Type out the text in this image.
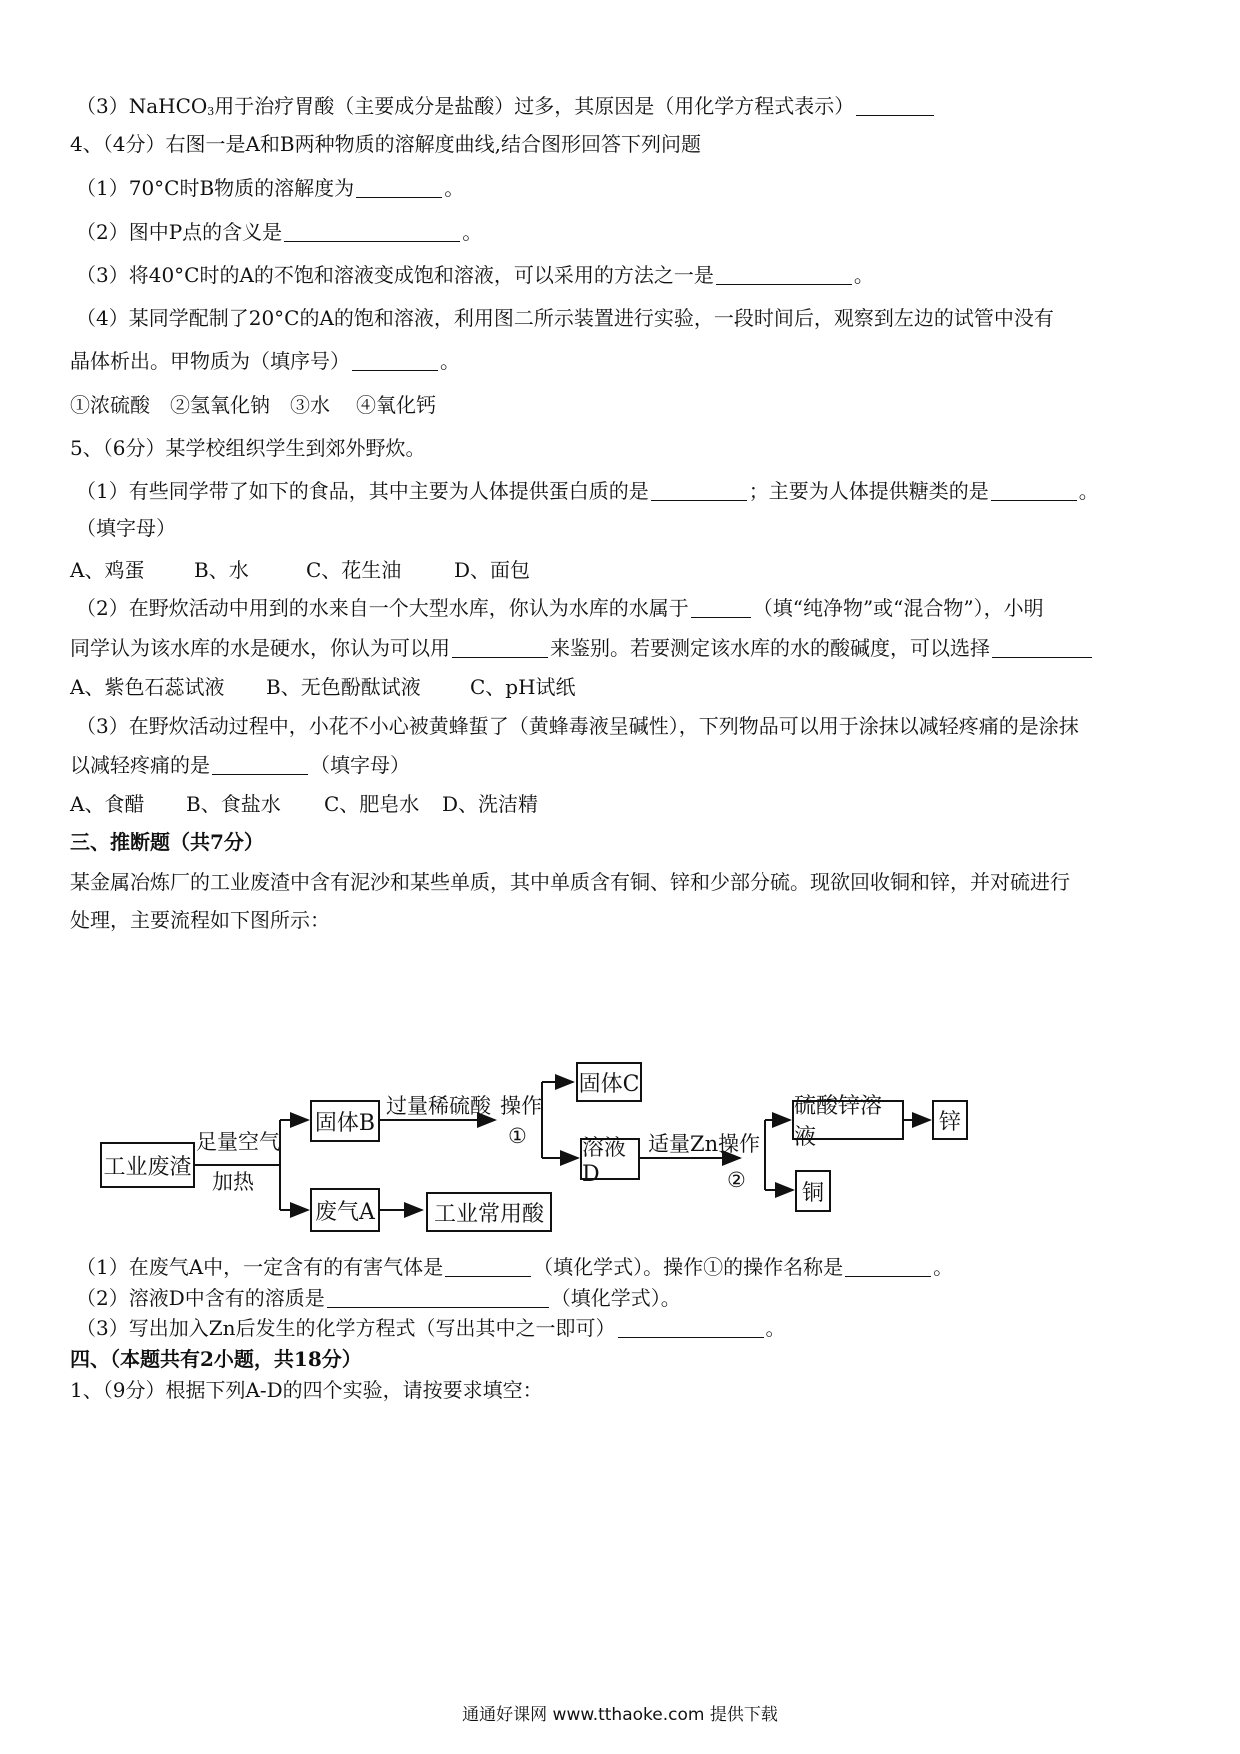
（3）NaHCO3用于治疗胃酸（主要成分是盐酸）过多，其原因是（用化学方程式表示）
4、（4分）右图一是A和B两种物质的溶解度曲线,结合图形回答下列问题
（1）70°C时B物质的溶解度为	。
（2）图中P点的含义是	。
（3）将40°C时的A的不饱和溶液变成饱和溶液，可以采用的方法之一是	。
（4）某同学配制了20°C的A的饱和溶液，利用图二所示装置进行实验，一段时间后，观察到左边的试管中没有
晶体析出。甲物质为（填序号）	。
①浓硫酸 ②氢氧化钠 ③水 ④氧化钙
5、（6分）某学校组织学生到郊外野炊。
（1）有些同学带了如下的食品，其中主要为人体提供蛋白质的是	；主要为人体提供糖类的是	。
（填字母）
A、鸡蛋 B、水	C、花生油	D、面包
（2）在野炊活动中用到的水来自一个大型水库，你认为水库的水属于	（填“纯净物”或“混合物”），小明
同学认为该水库的水是硬水，你认为可以用	来鉴别。若要测定该水库的水的酸碱度，可以选择
A、紫色石蕊试液 B、无色酚酞试液 C、pH试纸
（3）在野炊活动过程中，小花不小心被黄蜂蜇了（黄蜂毒液呈碱性），下列物品可以用于涂抹以减轻疼痛的是涂抹
以减轻疼痛的是	（填字母）
A、食醋 B、食盐水 C、肥皂水 D、洗洁精
三、推断题（共7分）
某金属冶炼厂的工业废渣中含有泥沙和某些单质，其中单质含有铜、锌和少部分硫。现欲回收铜和锌，并对硫进行
处理，主要流程如下图所示：
工业废渣
足量空气
加热
固体B
废气A
过量稀硫酸 操作
①
工业常用酸
固体C
溶液D
适量Zn 操作
②
硫酸锌溶液
锌
铜
（1）在废气A中，一定含有的有害气体是	（填化学式）。操作①的操作名称是	。
（2）溶液D中含有的溶质是	（填化学式）。
（3）写出加入Zn后发生的化学方程式（写出其中之一即可）	。
四、（本题共有2小题，共18分）
1、（9分）根据下列A-D的四个实验，请按要求填空：
通通好课网 www.tthaoke.com 提供下载
